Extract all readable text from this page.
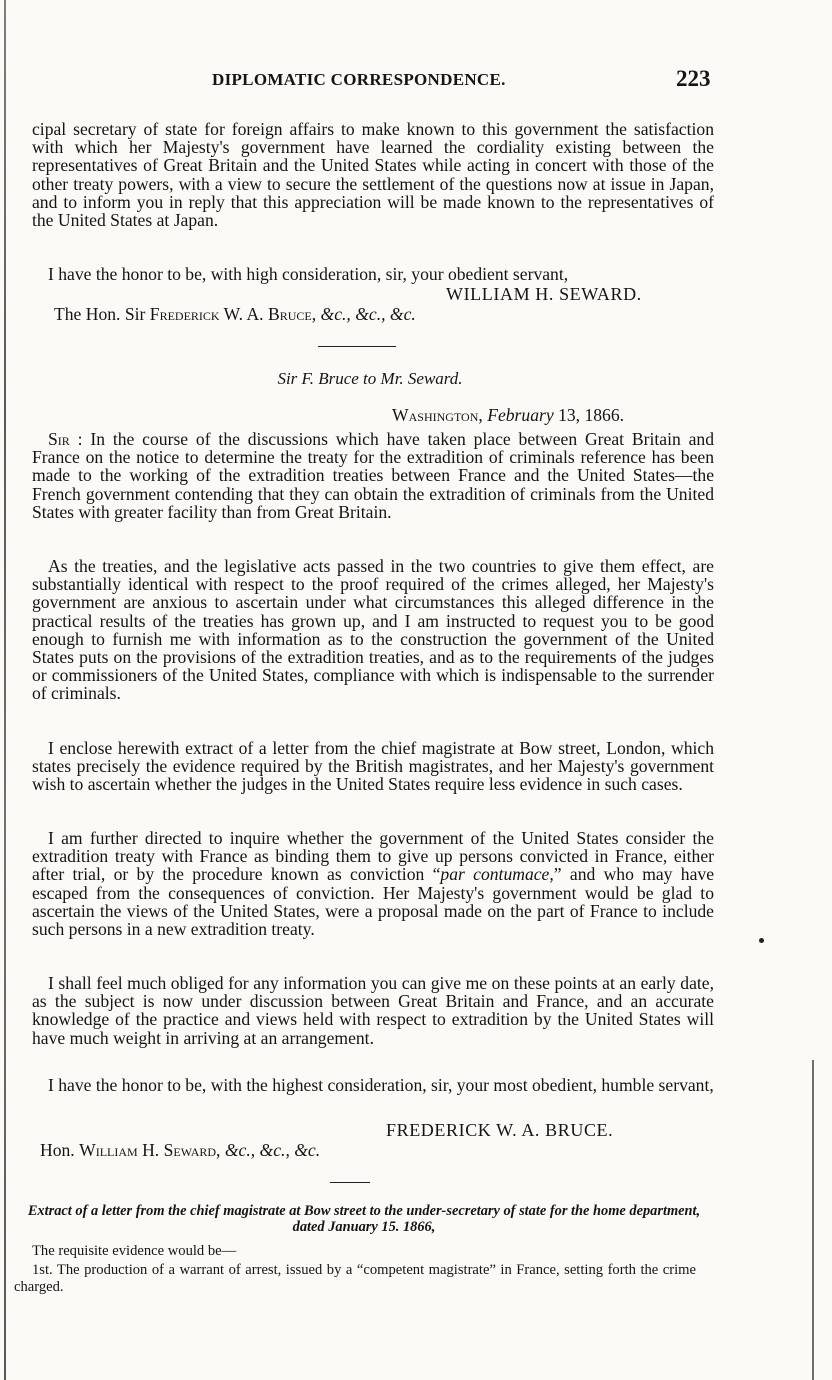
DIPLOMATIC CORRESPONDENCE.	223
cipal secretary of state for foreign affairs to make known to this government the satisfaction with which her Majesty's government have learned the cordiality existing between the representatives of Great Britain and the United States while acting in concert with those of the other treaty powers, with a view to secure the settlement of the questions now at issue in Japan, and to inform you in reply that this appreciation will be made known to the representatives of the United States at Japan.
I have the honor to be, with high consideration, sir, your obedient servant,
WILLIAM H. SEWARD.
The Hon. Sir Frederick W. A. Bruce, &c., &c., &c.
Sir F. Bruce to Mr. Seward.
Washington, February 13, 1866.
Sir : In the course of the discussions which have taken place between Great Britain and France on the notice to determine the treaty for the extradition of criminals reference has been made to the working of the extradition treaties between France and the United States—the French government contending that they can obtain the extradition of criminals from the United States with greater facility than from Great Britain.
As the treaties, and the legislative acts passed in the two countries to give them effect, are substantially identical with respect to the proof required of the crimes alleged, her Majesty's government are anxious to ascertain under what circumstances this alleged difference in the practical results of the treaties has grown up, and I am instructed to request you to be good enough to furnish me with information as to the construction the government of the United States puts on the provisions of the extradition treaties, and as to the requirements of the judges or commissioners of the United States, compliance with which is indispensable to the surrender of criminals.
I enclose herewith extract of a letter from the chief magistrate at Bow street, London, which states precisely the evidence required by the British magistrates, and her Majesty's government wish to ascertain whether the judges in the United States require less evidence in such cases.
I am further directed to inquire whether the government of the United States consider the extradition treaty with France as binding them to give up persons convicted in France, either after trial, or by the procedure known as conviction “par contumace,” and who may have escaped from the consequences of conviction. Her Majesty's government would be glad to ascertain the views of the United States, were a proposal made on the part of France to include such persons in a new extradition treaty.
I shall feel much obliged for any information you can give me on these points at an early date, as the subject is now under discussion between Great Britain and France, and an accurate knowledge of the practice and views held with respect to extradition by the United States will have much weight in arriving at an arrangement.
I have the honor to be, with the highest consideration, sir, your most obedient, humble servant,
FREDERICK W. A. BRUCE.
Hon. William H. Seward, &c., &c., &c.
Extract of a letter from the chief magistrate at Bow street to the under-secretary of state for the home department, dated January 15. 1866,
The requisite evidence would be—
1st. The production of a warrant of arrest, issued by a “competent magistrate” in France, setting forth the crime charged.
